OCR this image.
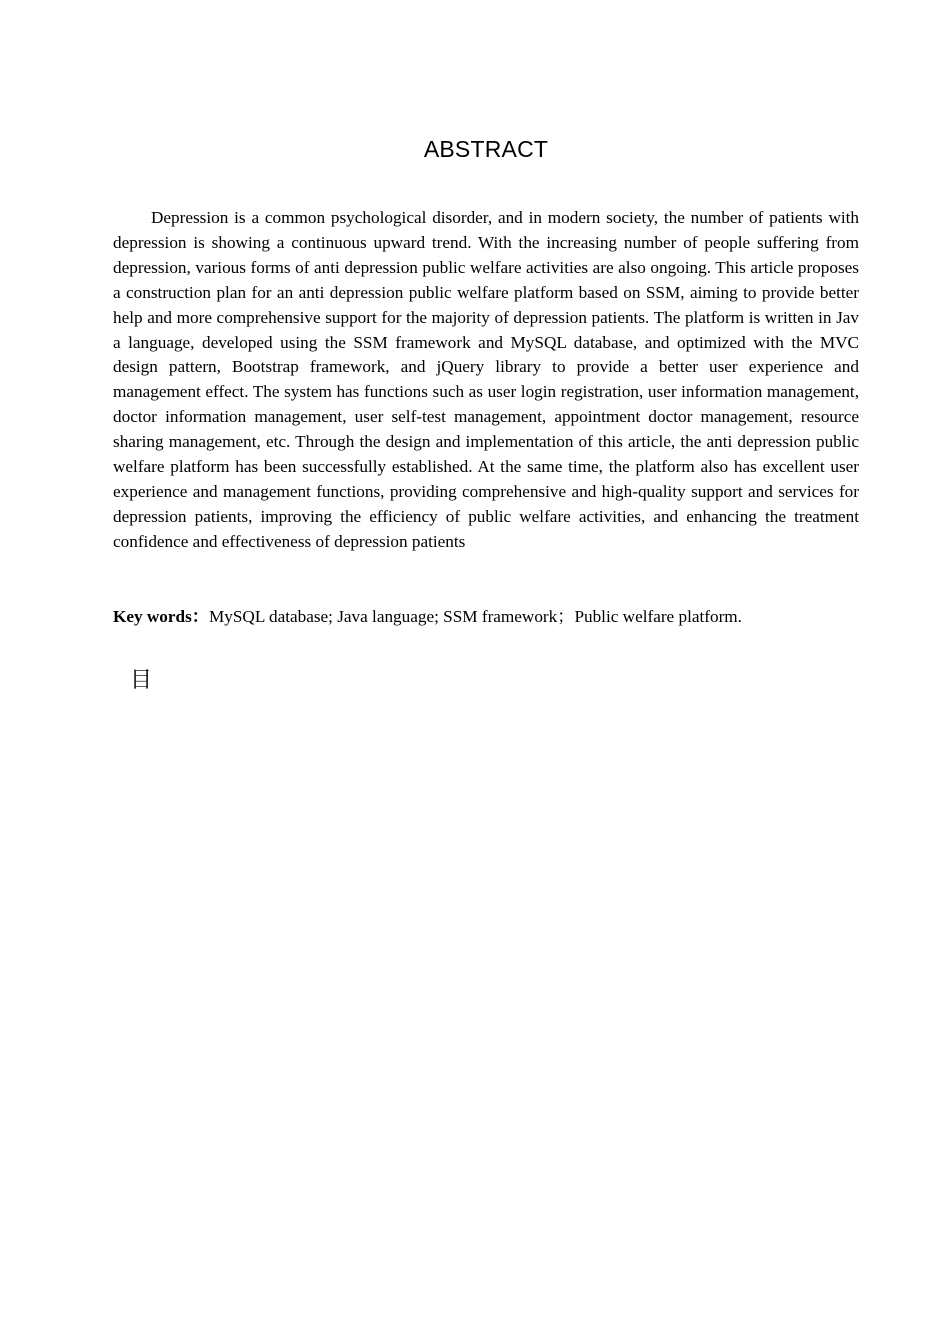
ABSTRACT

Depression is a common psychological disorder, and in modern society, the number of patients with depression is showing a continuous upward trend. With the increasing number of people suffering from depression, various forms of anti depression public welfare activities are also ongoing. This article proposes a construction plan for an anti depression public welfare platform based on SSM, aiming to provide better help and more comprehensive support for the majority of depression patients. The platform is written in Jav a language, developed using the SSM framework and MySQL database, and optimized with the MVC design pattern, Bootstrap framework, and jQuery library to provide a better user experience and management effect. The system has functions such as user login registration, user information management, doctor information management, user self-test management, appointment doctor management, resource sharing management, etc. Through the design and implementation of this article, the anti depression public welfare platform has been successfully established. At the same time, the platform also has excellent user experience and management functions, providing comprehensive and high-quality support and services for depression patients, improving the efficiency of public welfare activities, and enhancing the treatment confidence and effectiveness of depression patients

Key words：MySQL database; Java language; SSM framework；Public welfare platform.

目
